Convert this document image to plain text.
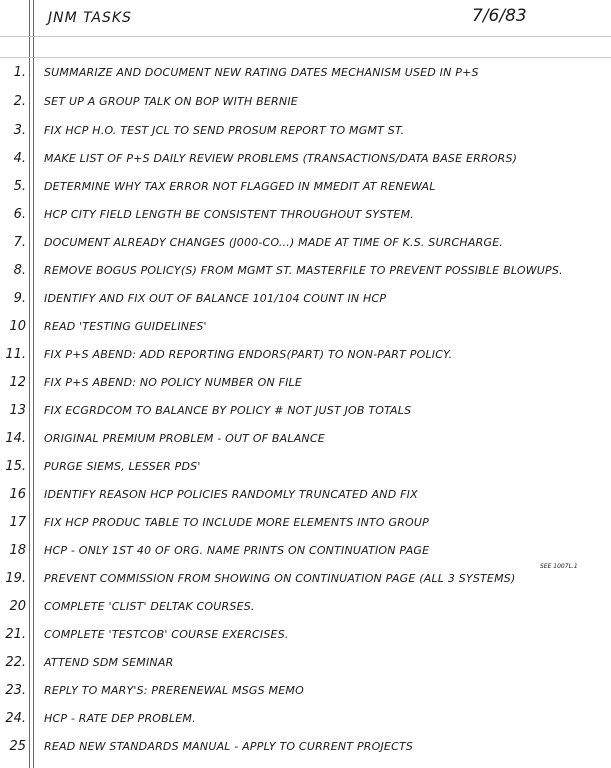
JNM TASKS	7/6/83
1. SUMMARIZE AND DOCUMENT NEW RATING DATES MECHANISM USED IN P+S
2. SET UP A GROUP TALK ON BOP WITH BERNIE
3. FIX HCP H.O. TEST JCL TO SEND PROSUM REPORT TO MGMT ST.
4. MAKE LIST OF P+S DAILY REVIEW PROBLEMS (TRANSACTIONS/DATA BASE ERRORS)
5. DETERMINE WHY TAX ERROR NOT FLAGGED IN MMEDIT AT RENEWAL
6. HCP CITY FIELD LENGTH BE CONSISTENT THROUGHOUT SYSTEM.
7. DOCUMENT ALREADY CHANGES (J000-CO...) MADE AT TIME OF K.S. SURCHARGE.
8. REMOVE BOGUS POLICY(S) FROM MGMT ST. MASTERFILE TO PREVENT POSSIBLE BLOWUPS.
9. IDENTIFY AND FIX OUT OF BALANCE 101/104 COUNT IN HCP
10 READ 'TESTING GUIDELINES'
11. FIX P+S ABEND: ADD REPORTING ENDORS(PART) TO NON-PART POLICY.
12 FIX P+S ABEND: NO POLICY NUMBER ON FILE
13 FIX ECGRDCOM TO BALANCE BY POLICY # NOT JUST JOB TOTALS
14. ORIGINAL PREMIUM PROBLEM - OUT OF BALANCE
15. PURGE SIEMS, LESSER PDS'
16 IDENTIFY REASON HCP POLICIES RANDOMLY TRUNCATED AND FIX
17 FIX HCP PRODUC TABLE TO INCLUDE MORE ELEMENTS INTO GROUP
18 HCP - ONLY 1ST 40 OF ORG. NAME PRINTS ON CONTINUATION PAGE
19. PREVENT COMMISSION FROM SHOWING ON CONTINUATION PAGE (ALL 3 SYSTEMS)
20 COMPLETE 'CLIST' DELTAK COURSES.
21. COMPLETE 'TESTCOB' COURSE EXERCISES.
22. ATTEND SDM SEMINAR
23. REPLY TO MARY'S: PRERENEWAL MSGS MEMO
24. HCP - RATE DEP PROBLEM.
25 READ NEW STANDARDS MANUAL - APPLY TO CURRENT PROJECTS
SEE 1007L.1
